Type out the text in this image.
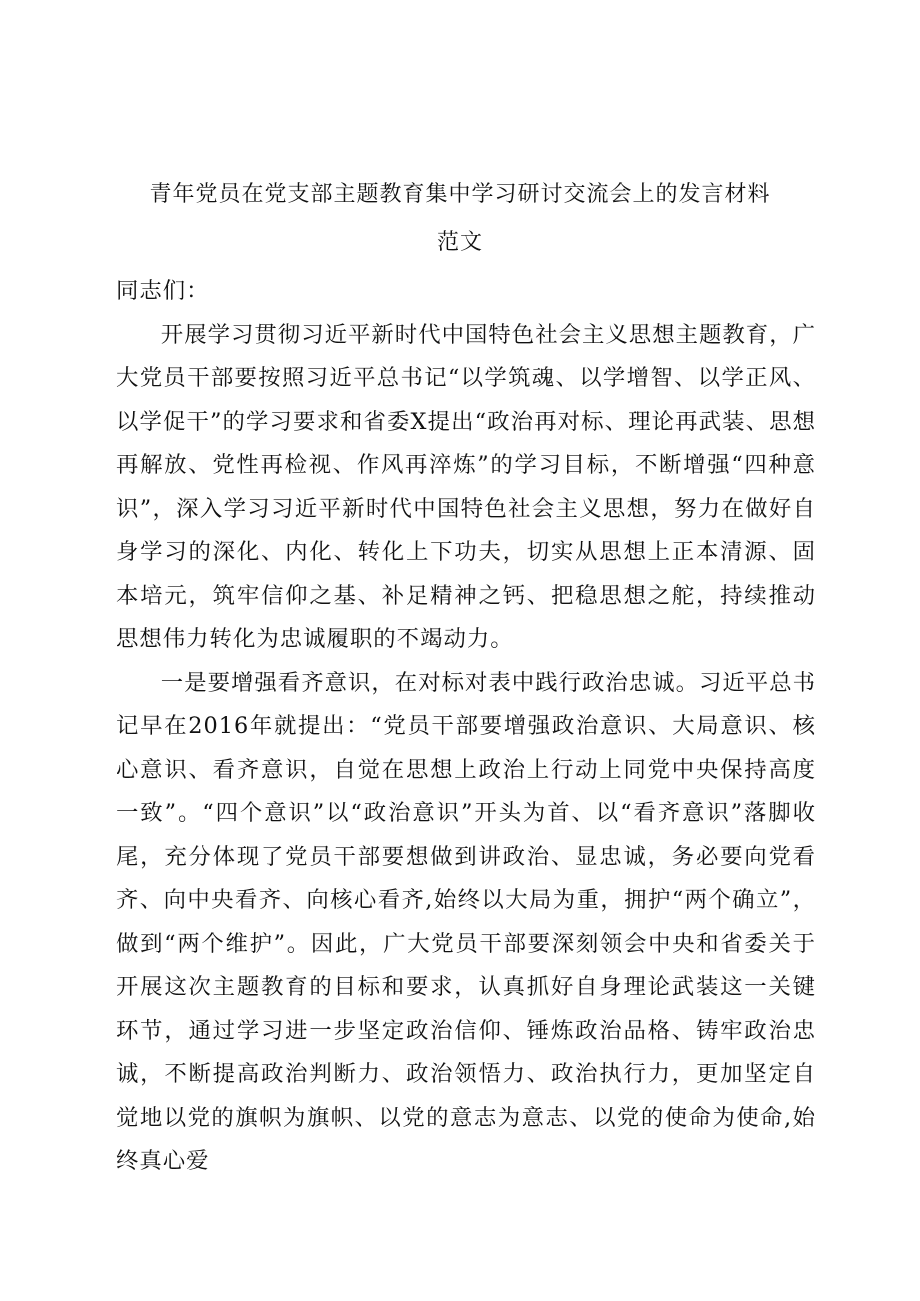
青年党员在党支部主题教育集中学习研讨交流会上的发言材料
范文

同志们：

开展学习贯彻习近平新时代中国特色社会主义思想主题教育，广大党员干部要按照习近平总书记“以学筑魂、以学增智、以学正风、以学促干”的学习要求和省委X提出“政治再对标、理论再武装、思想再解放、党性再检视、作风再淬炼”的学习目标，不断增强“四种意识”，深入学习习近平新时代中国特色社会主义思想，努力在做好自身学习的深化、内化、转化上下功夫，切实从思想上正本清源、固本培元，筑牢信仰之基、补足精神之钙、把稳思想之舵，持续推动思想伟力转化为忠诚履职的不竭动力。

一是要增强看齐意识，在对标对表中践行政治忠诚。习近平总书记早在2016年就提出：“党员干部要增强政治意识、大局意识、核心意识、看齐意识，自觉在思想上政治上行动上同党中央保持高度一致”。“四个意识”以“政治意识”开头为首、以“看齐意识”落脚收尾，充分体现了党员干部要想做到讲政治、显忠诚，务必要向党看齐、向中央看齐、向核心看齐,始终以大局为重，拥护“两个确立”，做到“两个维护”。因此，广大党员干部要深刻领会中央和省委关于开展这次主题教育的目标和要求，认真抓好自身理论武装这一关键环节，通过学习进一步坚定政治信仰、锤炼政治品格、铸牢政治忠诚，不断提高政治判断力、政治领悟力、政治执行力，更加坚定自觉地以党的旗帜为旗帜、以党的意志为意志、以党的使命为使命,始终真心爱
